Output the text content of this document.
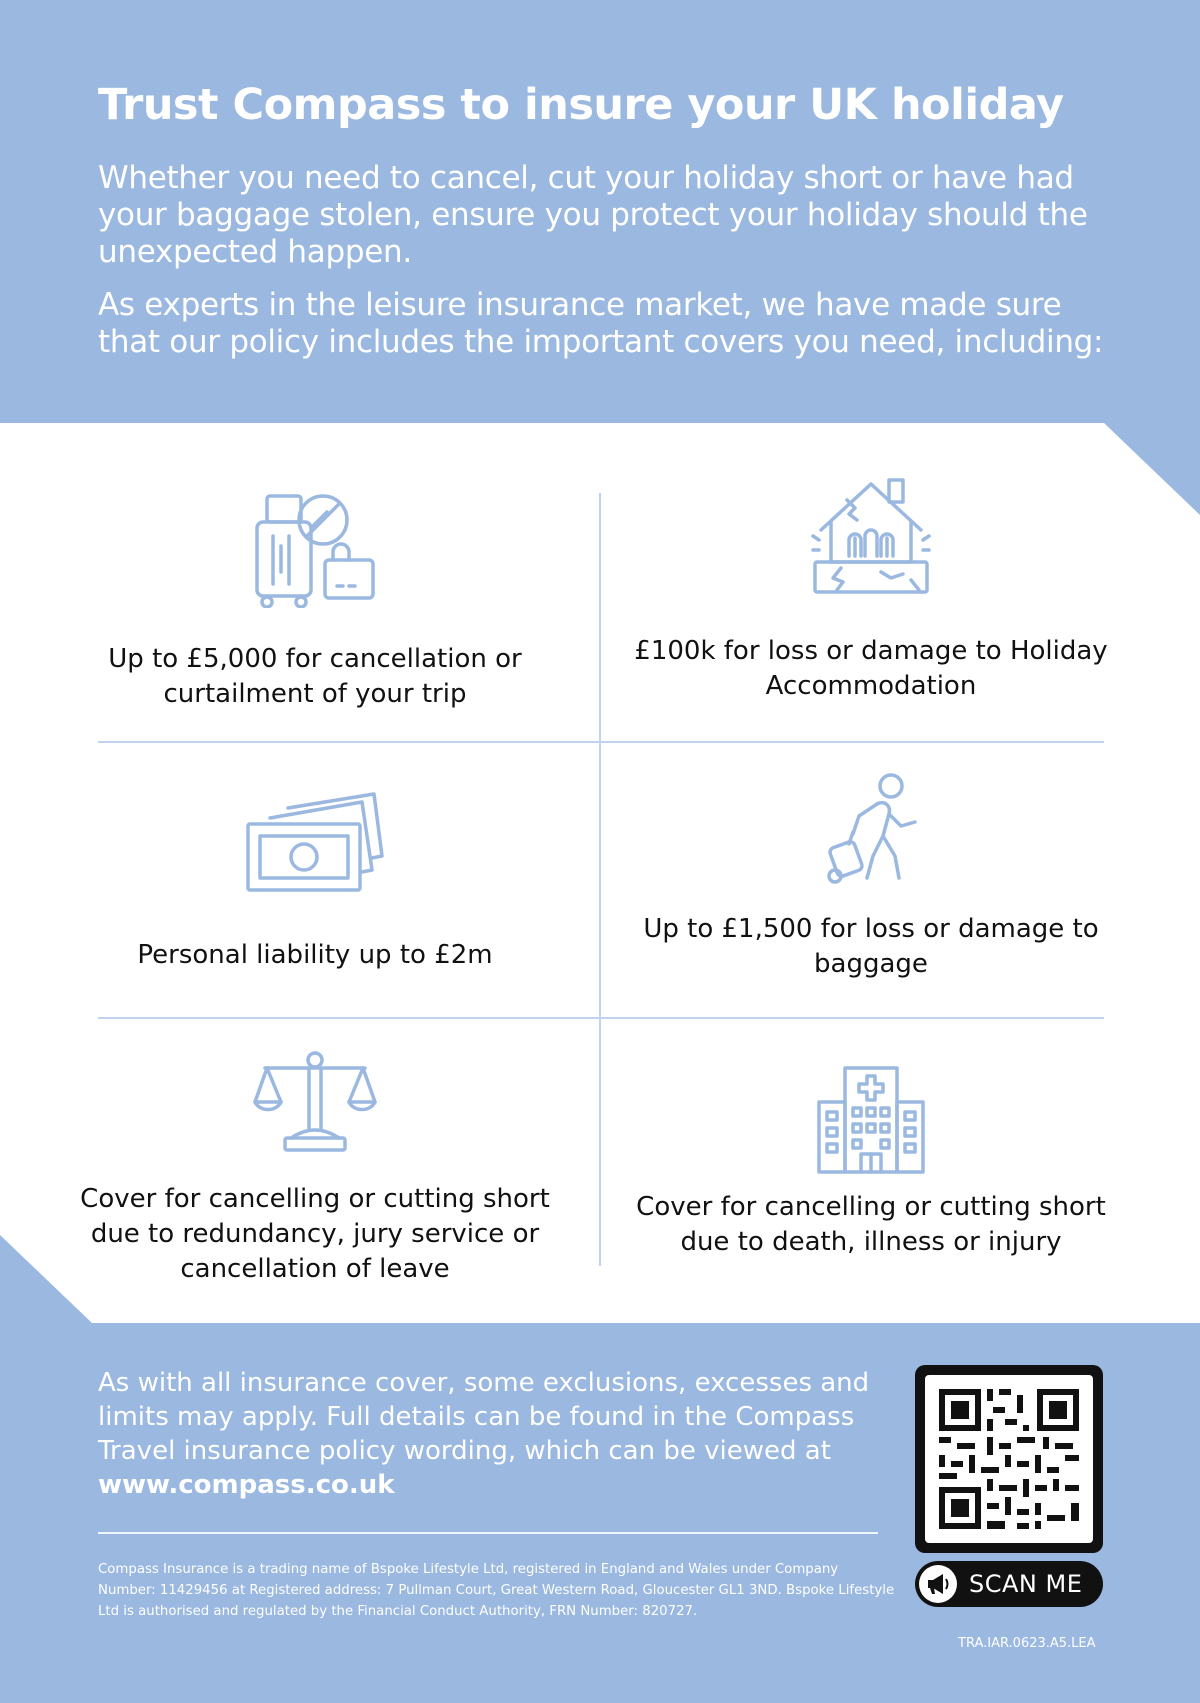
Trust Compass to insure your UK holiday

Whether you need to cancel, cut your holiday short or have had your baggage stolen, ensure you protect your holiday should the unexpected happen.

As experts in the leisure insurance market, we have made sure that our policy includes the important covers you need, including:

Up to £5,000 for cancellation or curtailment of your trip

£100k for loss or damage to Holiday Accommodation

Personal liability up to £2m

Up to £1,500 for loss or damage to baggage

Cover for cancelling or cutting short due to redundancy, jury service or cancellation of leave

Cover for cancelling or cutting short due to death, illness or injury

As with all insurance cover, some exclusions, excesses and limits may apply. Full details can be found in the Compass Travel insurance policy wording, which can be viewed at www.compass.co.uk

Compass Insurance is a trading name of Bspoke Lifestyle Ltd, registered in England and Wales under Company Number: 11429456 at Registered address: 7 Pullman Court, Great Western Road, Gloucester GL1 3ND. Bspoke Lifestyle Ltd is authorised and regulated by the Financial Conduct Authority, FRN Number: 820727.

TRA.IAR.0623.A5.LEA
SCAN ME
